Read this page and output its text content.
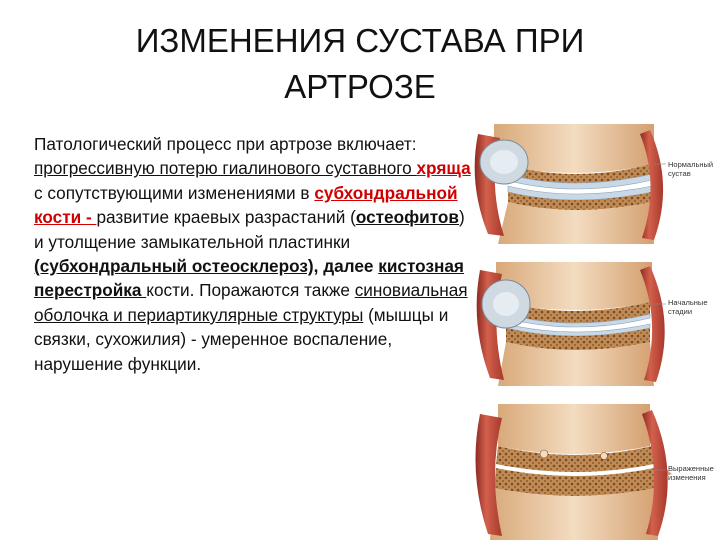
ИЗМЕНЕНИЯ СУСТАВА ПРИ
АРТРОЗЕ
Патологический процесс при артрозе включает: прогрессивную потерю гиалинового суставного хряща с сопутствующими изменениями в субхондральной кости - развитие краевых разрастаний (остеофитов) и утолщение замыкательной пластинки (субхондральный остеосклероз), далее кистозная перестройка кости. Поражаются также синовиальная оболочка и периартикулярные структуры (мышцы и связки, сухожилия) - умеренное воспаление, нарушение функции.
Нормальный сустав
Начальные стадии
Выраженные изменения
